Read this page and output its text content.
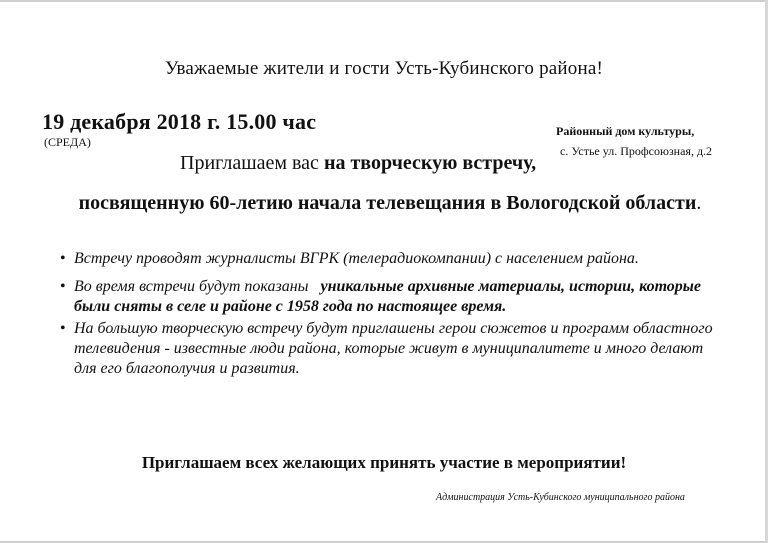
Уважаемые жители и гости Усть-Кубинского района!
19 декабря 2018 г. 15.00 час
(СРЕДА)
Районный дом культуры,
с. Устье ул. Профсоюзная, д.2
Приглашаем вас на творческую встречу,
посвященную 60-летию начала телевещания в Вологодской области.
• Встречу проводят журналисты ВГРК (телерадиокомпании) с населением района.
• Во время встречи будут показаны   уникальные архивные материалы, истории, которые были сняты в селе и районе с 1958 года по настоящее время.
• На большую творческую встречу будут приглашены герои сюжетов и программ областного телевидения - известные люди района, которые живут в муниципалитете и много делают для его благополучия и развития.
Приглашаем всех желающих принять участие в мероприятии!
Администрация Усть-Кубинского муниципального района
